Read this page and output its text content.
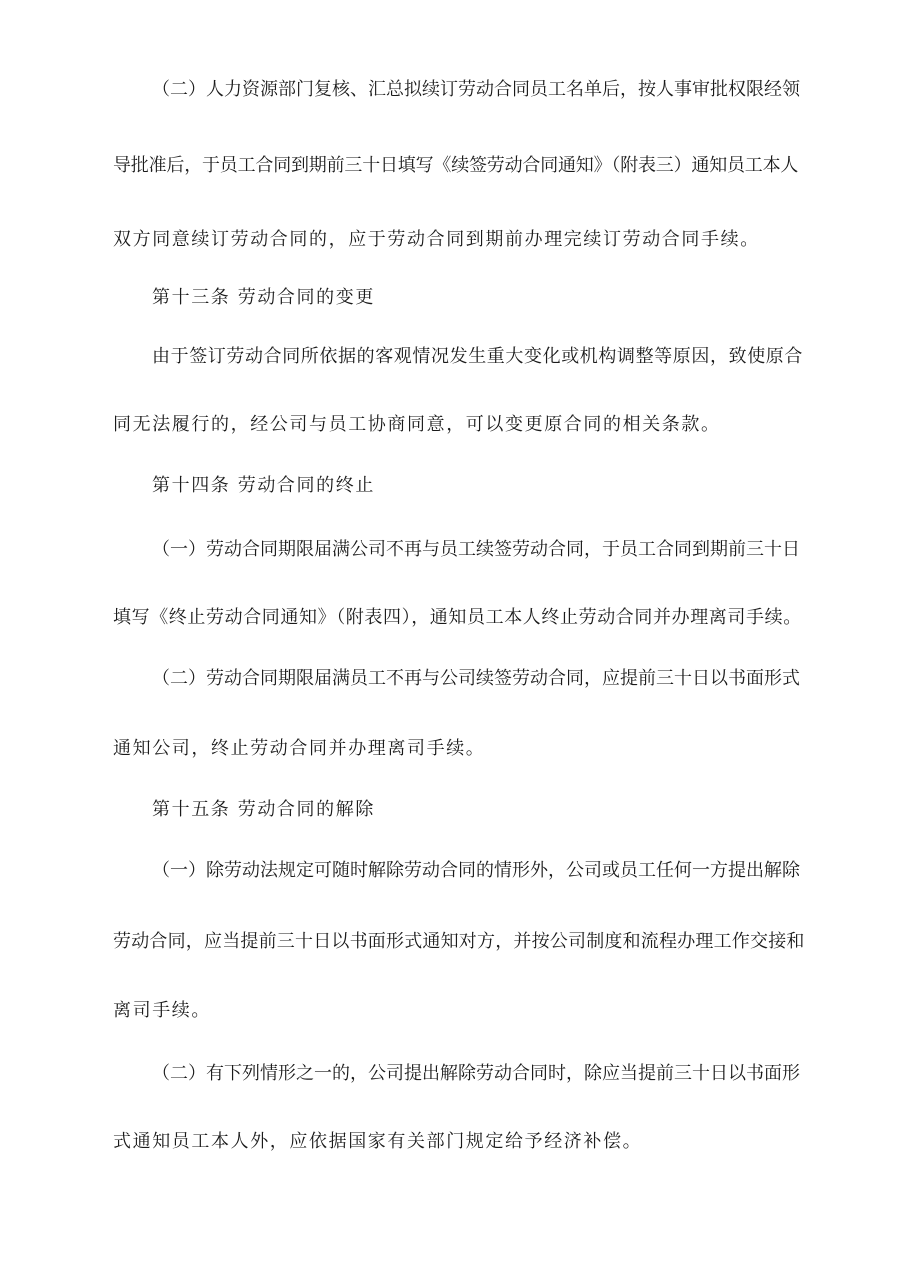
（二）人力资源部门复核、汇总拟续订劳动合同员工名单后，按人事审批权限经领
导批准后，于员工合同到期前三十日填写《续签劳动合同通知》（附表三）通知员工本人
双方同意续订劳动合同的，应于劳动合同到期前办理完续订劳动合同手续。
第十三条 劳动合同的变更
由于签订劳动合同所依据的客观情况发生重大变化或机构调整等原因，致使原合
同无法履行的，经公司与员工协商同意，可以变更原合同的相关条款。
第十四条 劳动合同的终止
（一）劳动合同期限届满公司不再与员工续签劳动合同，于员工合同到期前三十日
填写《终止劳动合同通知》（附表四），通知员工本人终止劳动合同并办理离司手续。
（二）劳动合同期限届满员工不再与公司续签劳动合同，应提前三十日以书面形式
通知公司，终止劳动合同并办理离司手续。
第十五条 劳动合同的解除
（一）除劳动法规定可随时解除劳动合同的情形外，公司或员工任何一方提出解除
劳动合同，应当提前三十日以书面形式通知对方，并按公司制度和流程办理工作交接和
离司手续。
（二）有下列情形之一的，公司提出解除劳动合同时，除应当提前三十日以书面形
式通知员工本人外，应依据国家有关部门规定给予经济补偿。
